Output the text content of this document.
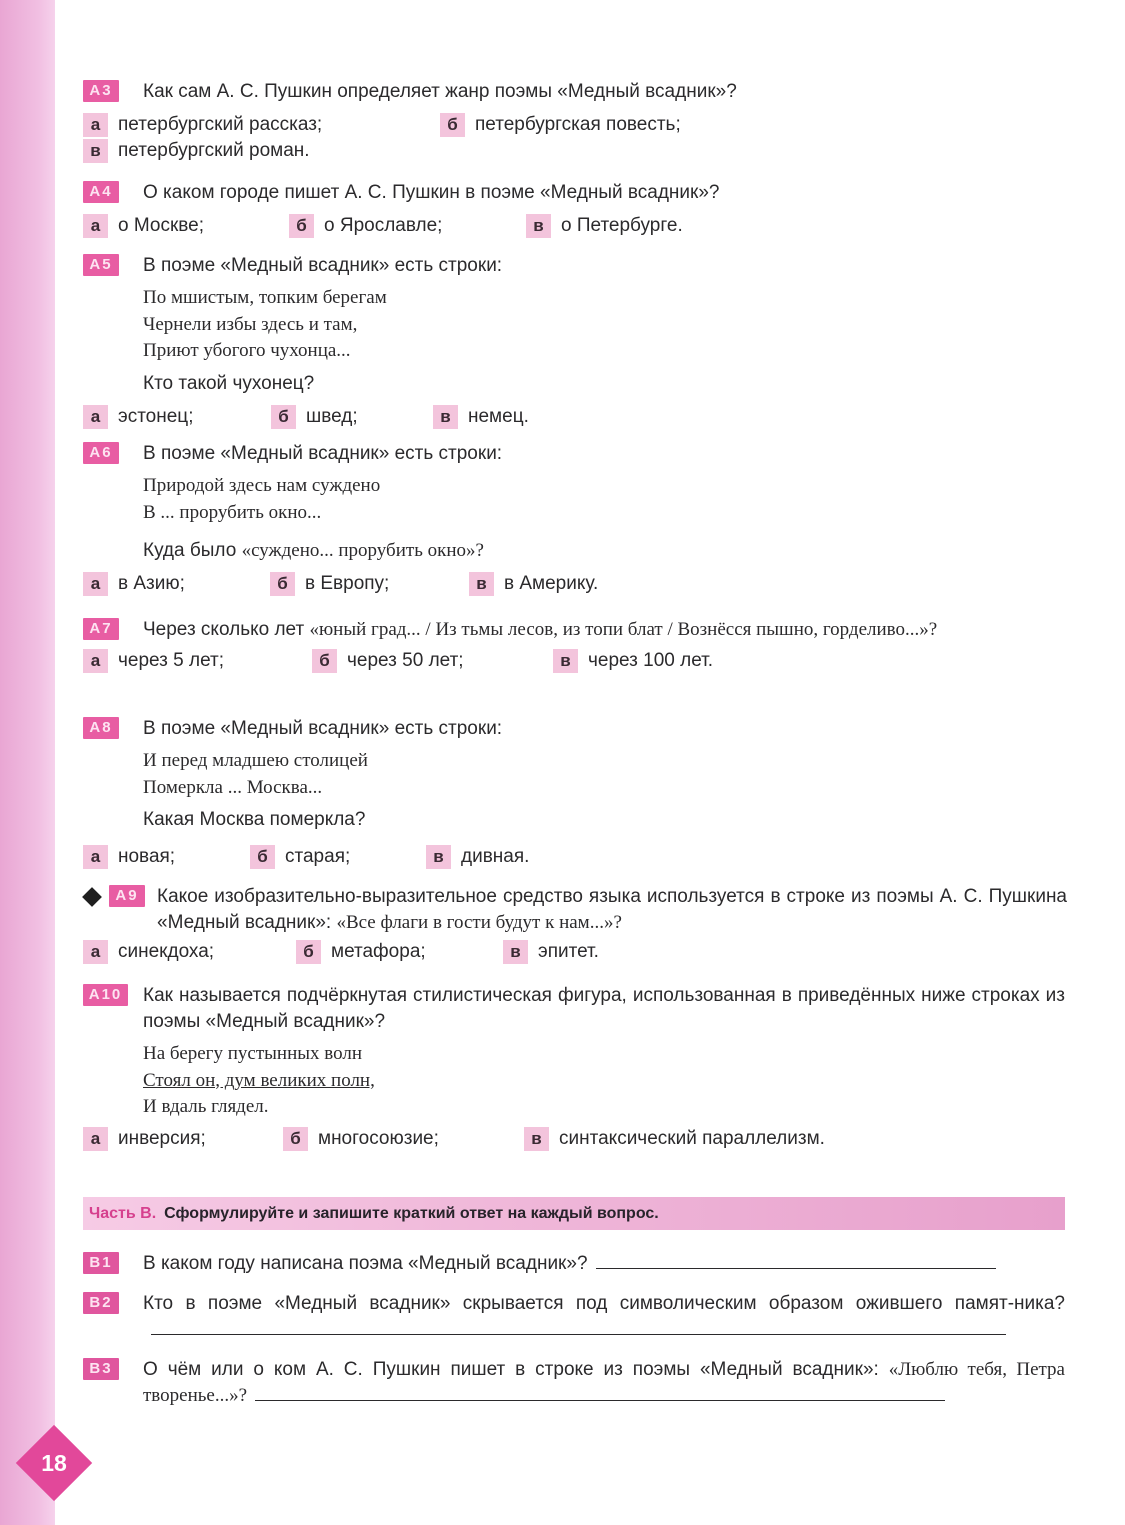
18
А3	Как сам А. С. Пушкин определяет жанр поэмы «Медный всадник»?
а петербургский рассказ;	б петербургская повесть;
в петербургский роман.
А4	О каком городе пишет А. С. Пушкин в поэме «Медный всадник»?
а о Москве;	б о Ярославле;	в о Петербурге.
А5	В поэме «Медный всадник» есть строки:
По мшистым, топким берегам
Чернели избы здесь и там,
Приют убогого чухонца...
Кто такой чухонец?
а эстонец;	б швед;	в немец.
А6	В поэме «Медный всадник» есть строки:
Природой здесь нам суждено
В ... прорубить окно...
Куда было «суждено... прорубить окно»?
а в Азию;	б в Европу;	в в Америку.
А7	Через сколько лет «юный град... / Из тьмы лесов, из топи блат / Вознёсся пышно, горделиво...»?
а через 5 лет;	б через 50 лет;	в через 100 лет.
А8	В поэме «Медный всадник» есть строки:
И перед младшею столицей
Померкла ... Москва...
Какая Москва померкла?
а новая;	б старая;	в дивная.
А9 Какое изобразительно-выразительное средство языка используется в строке из поэмы А. С. Пушкина «Медный всадник»: «Все флаги в гости будут к нам...»?
а синекдоха;	б метафора;	в эпитет.
А10	Как называется подчёркнутая стилистическая фигура, использованная в приведённых ниже строках из поэмы «Медный всадник»?
На берегу пустынных волн
Стоял он, дум великих полн,
И вдаль глядел.
а инверсия;	б многосоюзие;	в синтаксический параллелизм.
Часть В. Сформулируйте и запишите краткий ответ на каждый вопрос.
В1	В каком году написана поэма «Медный всадник»?
В2	Кто в поэме «Медный всадник» скрывается под символическим образом ожившего памят-ника?
В3	О чём или о ком А. С. Пушкин пишет в строке из поэмы «Медный всадник»: «Люблю тебя, Петра творенье...»?
